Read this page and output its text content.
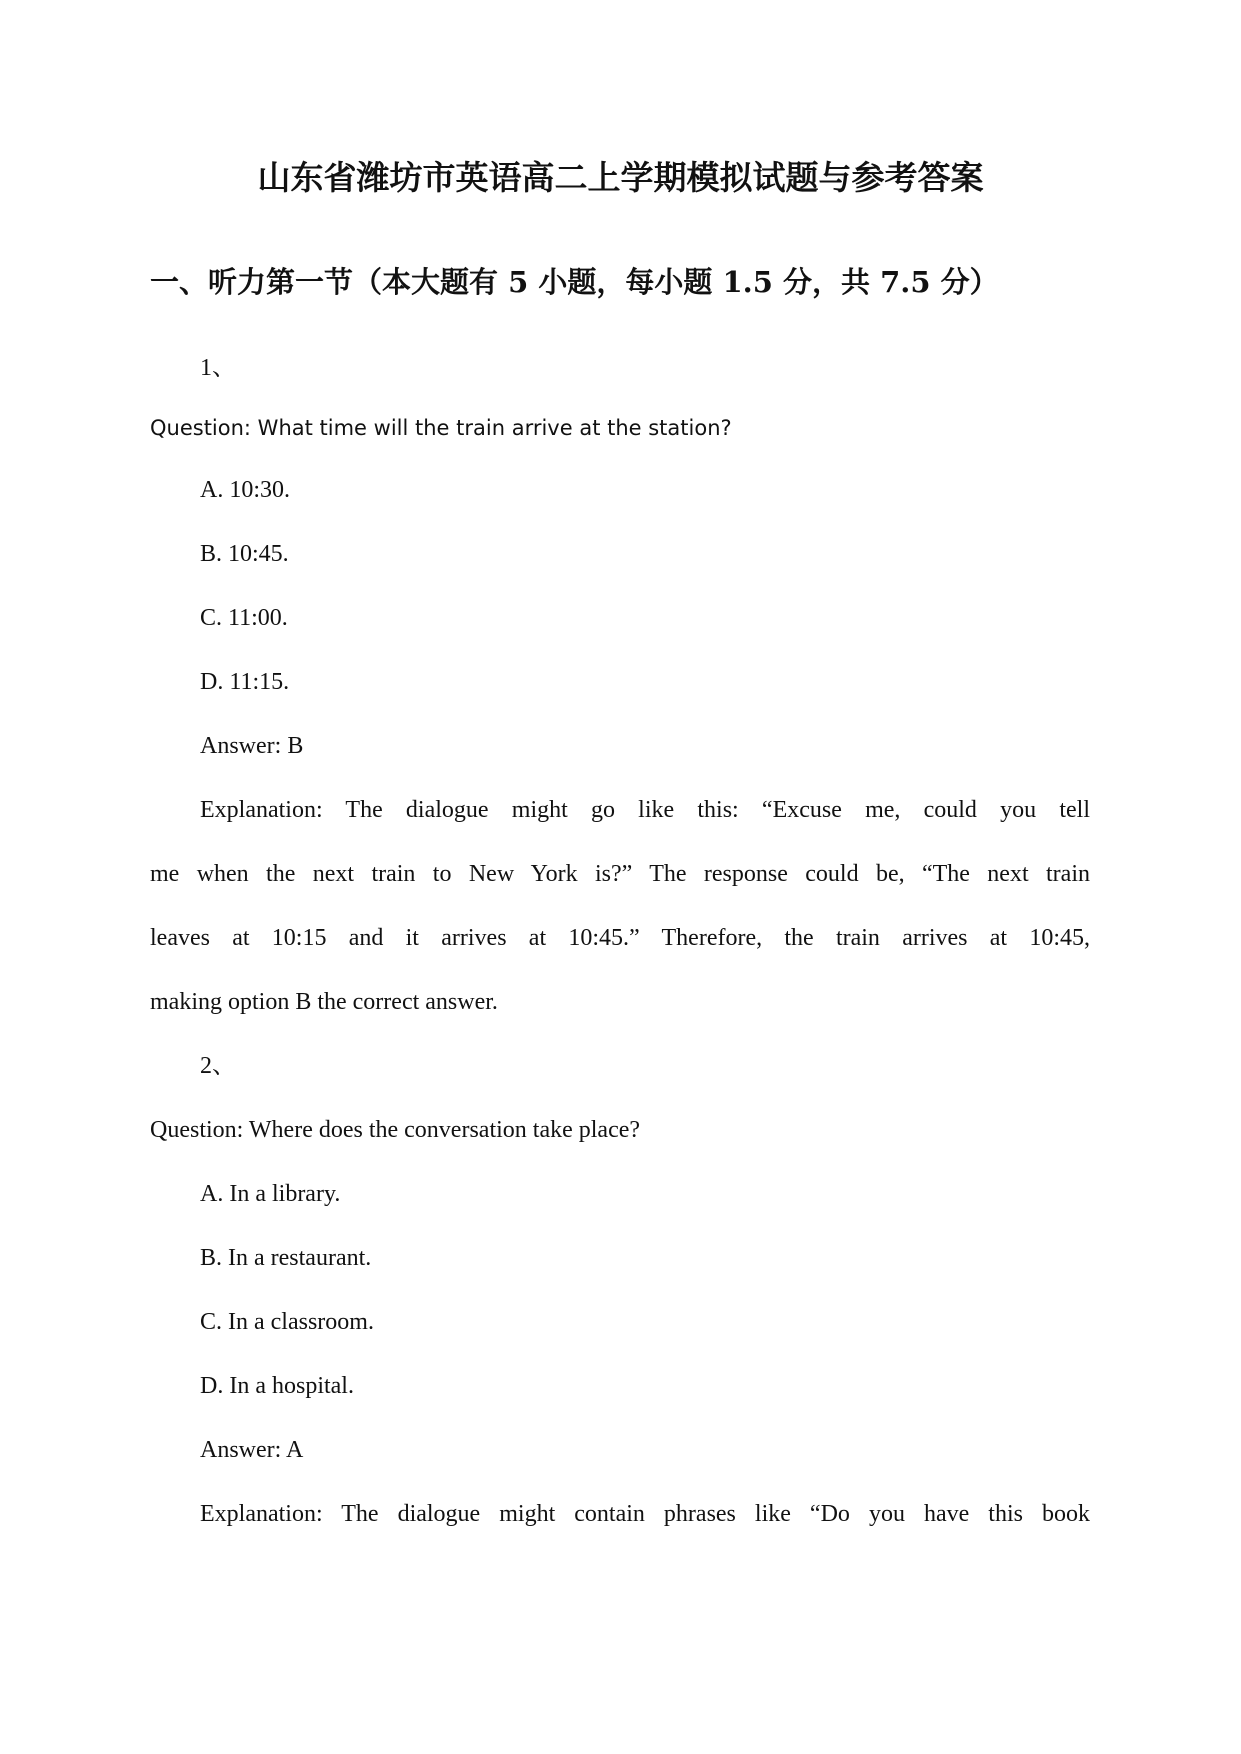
山东省潍坊市英语高二上学期模拟试题与参考答案
一、听力第一节（本大题有 5 小题，每小题 1.5 分，共 7.5 分）
1、
Question: What time will the train arrive at the station?
A. 10:30.
B. 10:45.
C. 11:00.
D. 11:15.
Answer: B
Explanation: The dialogue might go like this: “Excuse me, could you tell
me when the next train to New York is?” The response could be, “The next train
leaves at 10:15 and it arrives at 10:45.” Therefore, the train arrives at 10:45,
making option B the correct answer.
2、
Question: Where does the conversation take place?
A. In a library.
B. In a restaurant.
C. In a classroom.
D. In a hospital.
Answer: A
Explanation: The dialogue might contain phrases like “Do you have this book
